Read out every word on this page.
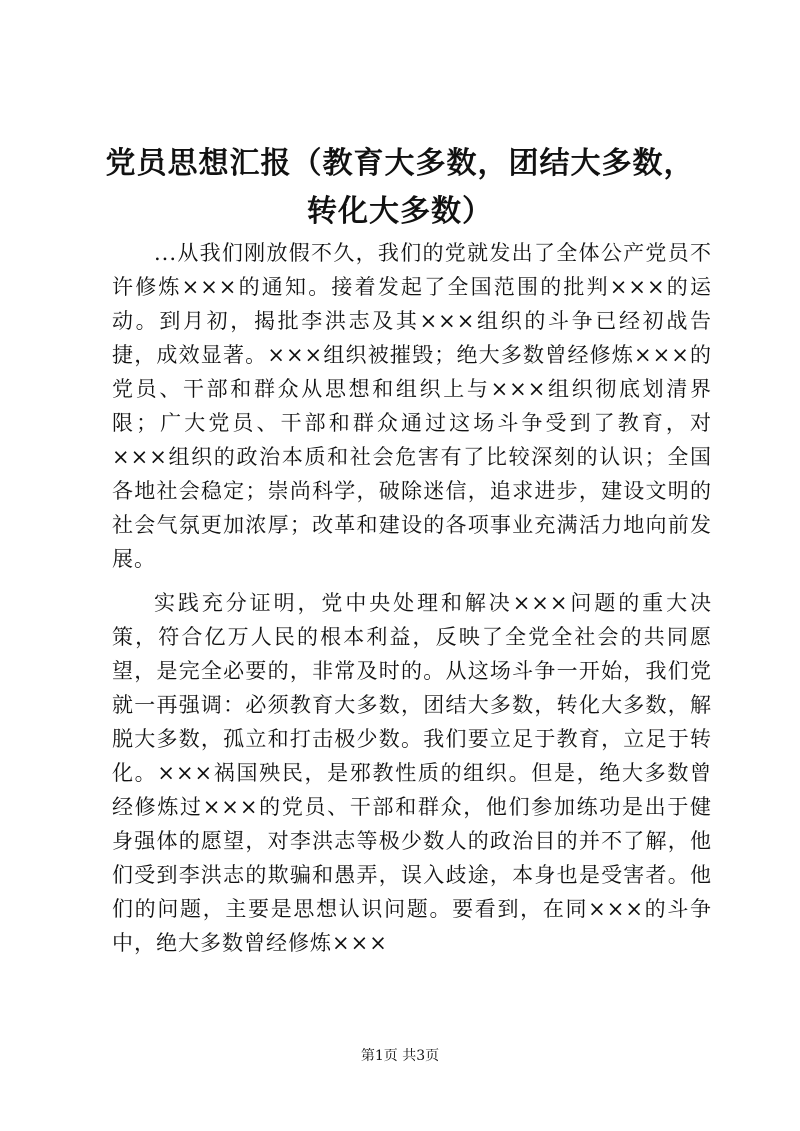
党员思想汇报（教育大多数，团结大多数，转化大多数）

...从我们刚放假不久，我们的党就发出了全体公产党员不许修炼×××的通知。接着发起了全国范围的批判×××的运动。到月初，揭批李洪志及其×××组织的斗争已经初战告捷，成效显著。×××组织被摧毁；绝大多数曾经修炼×××的党员、干部和群众从思想和组织上与×××组织彻底划清界限；广大党员、干部和群众通过这场斗争受到了教育，对×××组织的政治本质和社会危害有了比较深刻的认识；全国各地社会稳定；崇尚科学，破除迷信，追求进步，建设文明的社会气氛更加浓厚；改革和建设的各项事业充满活力地向前发展。

实践充分证明，党中央处理和解决×××问题的重大决策，符合亿万人民的根本利益，反映了全党全社会的共同愿望，是完全必要的，非常及时的。从这场斗争一开始，我们党就一再强调：必须教育大多数，团结大多数，转化大多数，解脱大多数，孤立和打击极少数。我们要立足于教育，立足于转化。×××祸国殃民，是邪教性质的组织。但是，绝大多数曾经修炼过×××的党员、干部和群众，他们参加练功是出于健身强体的愿望，对李洪志等极少数人的政治目的并不了解，他们受到李洪志的欺骗和愚弄，误入歧途，本身也是受害者。他们的问题，主要是思想认识问题。要看到，在同×××的斗争中，绝大多数曾经修炼×××

第1页 共3页
